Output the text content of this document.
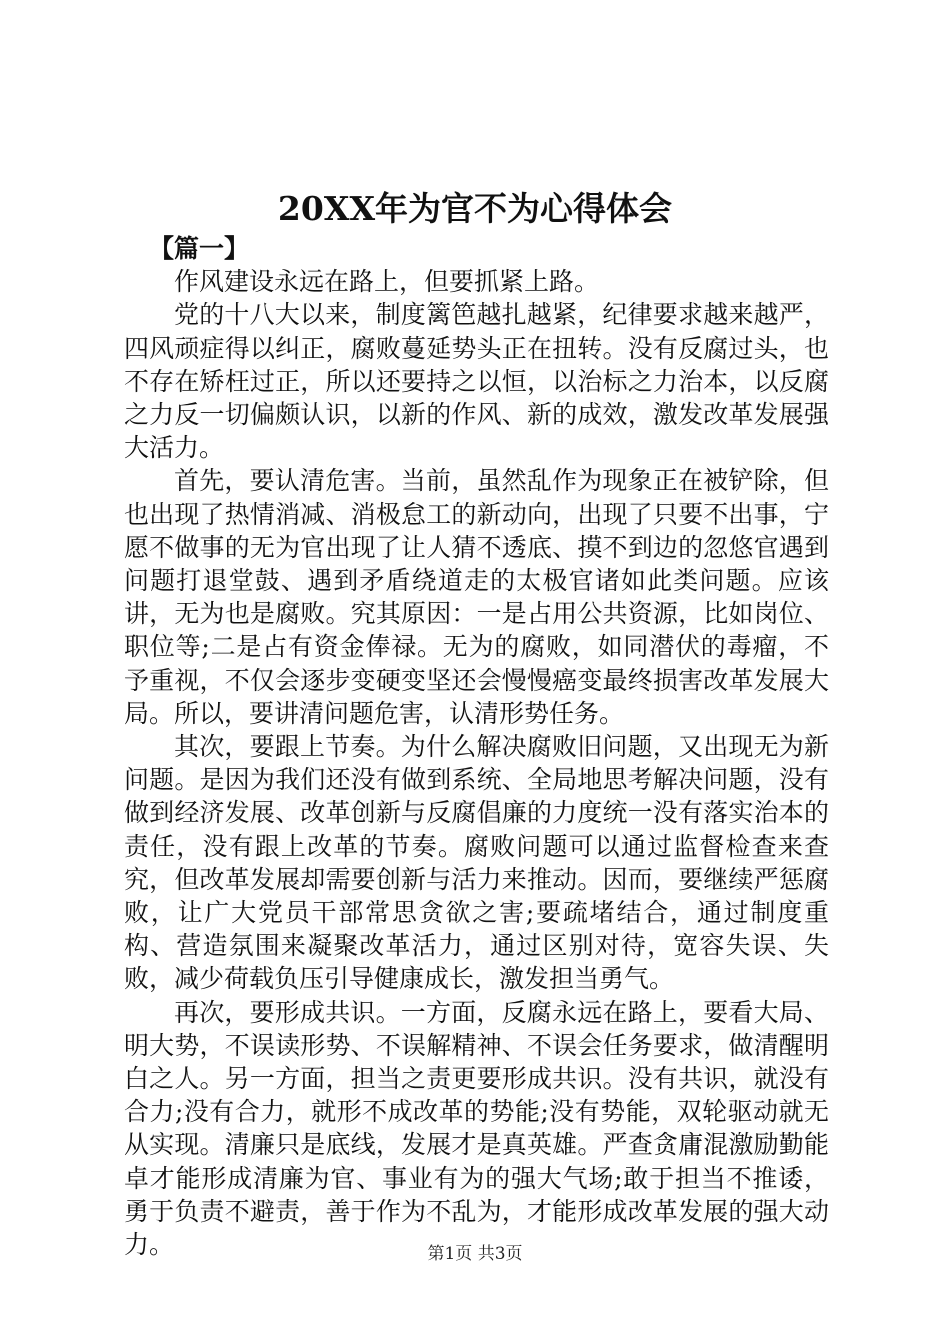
20XX年为官不为心得体会

【篇一】

作风建设永远在路上，但要抓紧上路。

党的十八大以来，制度篱笆越扎越紧，纪律要求越来越严，四风顽症得以纠正，腐败蔓延势头正在扭转。没有反腐过头，也不存在矫枉过正，所以还要持之以恒，以治标之力治本，以反腐之力反一切偏颇认识，以新的作风、新的成效，激发改革发展强大活力。

首先，要认清危害。当前，虽然乱作为现象正在被铲除，但也出现了热情消减、消极怠工的新动向，出现了只要不出事，宁愿不做事的无为官出现了让人猜不透底、摸不到边的忽悠官遇到问题打退堂鼓、遇到矛盾绕道走的太极官诸如此类问题。应该讲，无为也是腐败。究其原因：一是占用公共资源，比如岗位、职位等;二是占有资金俸禄。无为的腐败，如同潜伏的毒瘤，不予重视，不仅会逐步变硬变坚还会慢慢癌变最终损害改革发展大局。所以，要讲清问题危害，认清形势任务。

其次，要跟上节奏。为什么解决腐败旧问题，又出现无为新问题。是因为我们还没有做到系统、全局地思考解决问题，没有做到经济发展、改革创新与反腐倡廉的力度统一没有落实治本的责任，没有跟上改革的节奏。腐败问题可以通过监督检查来查究，但改革发展却需要创新与活力来推动。因而，要继续严惩腐败，让广大党员干部常思贪欲之害;要疏堵结合，通过制度重构、营造氛围来凝聚改革活力，通过区别对待，宽容失误、失败，减少荷载负压引导健康成长，激发担当勇气。

再次，要形成共识。一方面，反腐永远在路上，要看大局、明大势，不误读形势、不误解精神、不误会任务要求，做清醒明白之人。另一方面，担当之责更要形成共识。没有共识，就没有合力;没有合力，就形不成改革的势能;没有势能，双轮驱动就无从实现。清廉只是底线，发展才是真英雄。严查贪庸混激励勤能卓才能形成清廉为官、事业有为的强大气场;敢于担当不推诿，勇于负责不避责，善于作为不乱为，才能形成改革发展的强大动力。	第1页 共3页
